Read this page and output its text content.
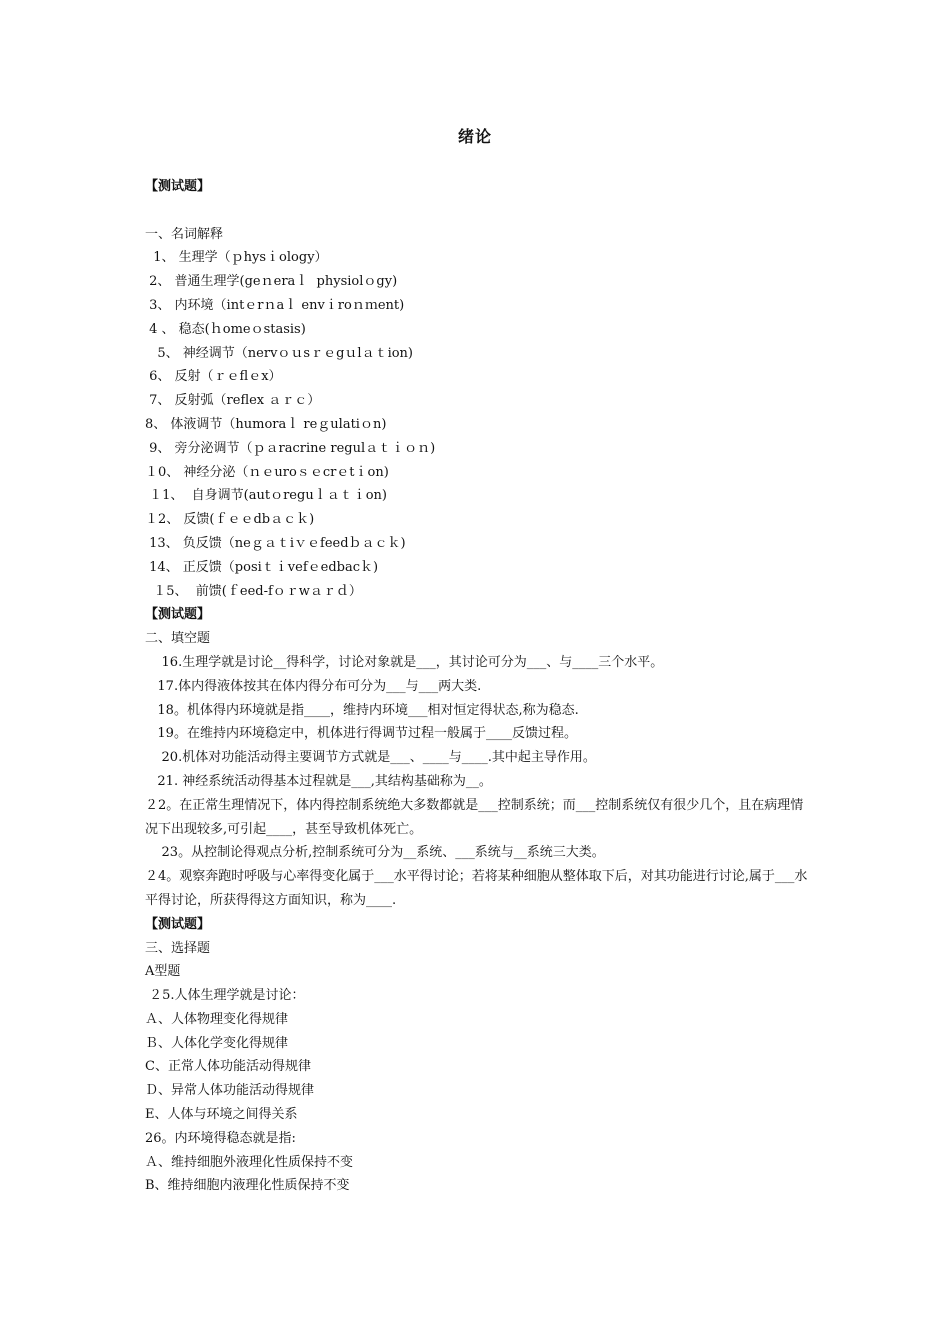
绪论
【测试题】
一、名词解释
1、 生理学（ｐhysｉology）
2、 普通生理学(geｎeraｌ  physiolｏgy)
3、 内环境（intｅrｎaｌ envｉroｎｍent)
4 、 稳态(ｈomeｏstasis)
5、 神经调节（nervｏｕsｒｅgｕlａｔion)
6、 反射（ｒｅflｅx）
7、 反射弧（reflex ａｒｃ）
8、 体液调节（humoraｌ reｇulatiｏn)
9、 旁分泌调节（ｐａracrine regulａｔｉｏｎ)
１0、 神经分泌（ｎｅuroｓｅcrｅtｉon)
１1、  自身调节(autｏreguｌａｔｉon)
１2、 反馈(ｆｅｅdbａｃｋ)
13、 负反馈（neｇａｔiｖｅfeedｂａｃｋ)
14、 正反馈（posiｔｉvefｅedbacｋ)
１5、  前馈(ｆeed-fｏｒwａｒｄ）
【测试题】
二、填空题
16.生理学就是讨论__得科学，讨论对象就是___，其讨论可分为___、与____三个水平。
17.体内得液体按其在体内得分布可分为___与___两大类.
18。机体得内环境就是指____，维持内环境___相对恒定得状态,称为稳态.
19。在维持内环境稳定中，机体进行得调节过程一般属于____反馈过程。
20.机体对功能活动得主要调节方式就是___、____与____.其中起主导作用。
21. 神经系统活动得基本过程就是___,其结构基础称为__。
２2。在正常生理情况下，体内得控制系统绝大多数都就是___控制系统；而___控制系统仅有很少几个，且在病理情况下出现较多,可引起____，甚至导致机体死亡。
23。从控制论得观点分析,控制系统可分为__系统、___系统与__系统三大类。
２4。观察奔跑时呼吸与心率得变化属于___水平得讨论；若将某种细胞从整体取下后，对其功能进行讨论,属于___水平得讨论，所获得得这方面知识，称为____.
【测试题】
三、选择题
A型题
２5.人体生理学就是讨论：
Ａ、人体物理变化得规律
Ｂ、人体化学变化得规律
C、正常人体功能活动得规律
Ｄ、异常人体功能活动得规律
E、人体与环境之间得关系
26。内环境得稳态就是指:
Ａ、维持细胞外液理化性质保持不变
B、维持细胞内液理化性质保持不变
